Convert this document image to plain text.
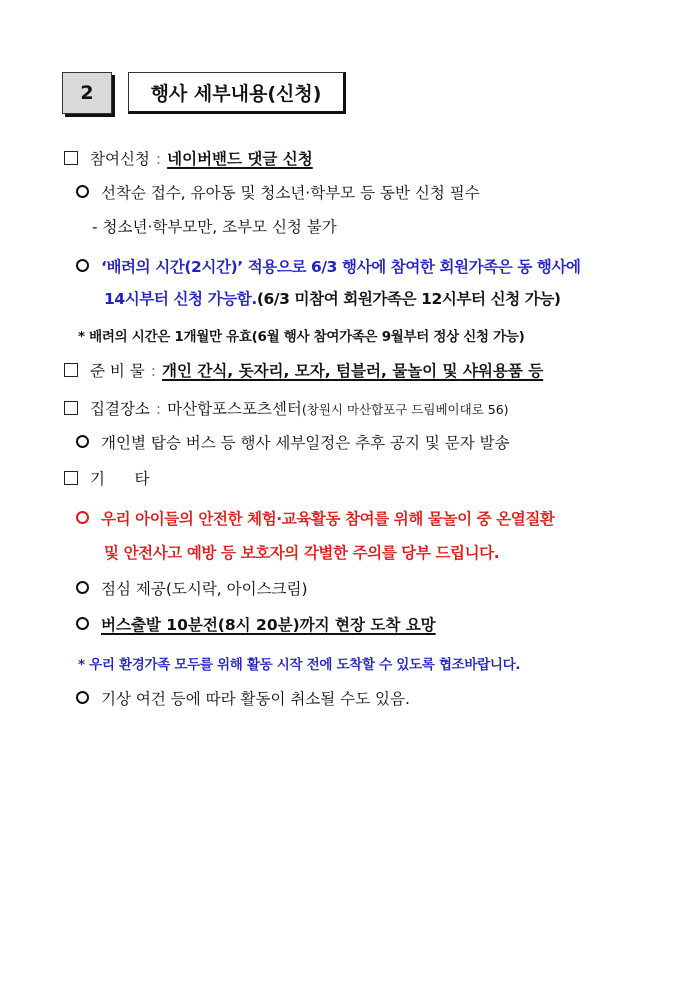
2	행사 세부내용(신청)
참여신청 : 네이버밴드 댓글 신청
선착순 접수, 유아동 및 청소년·학부모 등 동반 신청 필수
- 청소년·학부모만, 조부모 신청 불가
‘배려의 시간(2시간)’ 적용으로 6/3 행사에 참여한 회원가족은 동 행사에
14시부터 신청 가능함.(6/3 미참여 회원가족은 12시부터 신청 가능)
* 배려의 시간은 1개월만 유효(6월 행사 참여가족은 9월부터 정상 신청 가능)
준 비 물 : 개인 간식, 돗자리, 모자, 텀블러, 물놀이 및 샤워용품 등
집결장소 : 마산합포스포츠센터(창원시 마산합포구 드림베이대로 56)
개인별 탑승 버스 등 행사 세부일정은 추후 공지 및 문자 발송
기      타
우리 아이들의 안전한 체험·교육활동 참여를 위해 물놀이 중 온열질환
및 안전사고 예방 등 보호자의 각별한 주의를 당부 드립니다.
점심 제공(도시락, 아이스크림)
버스출발 10분전(8시 20분)까지 현장 도착 요망
* 우리 환경가족 모두를 위해 활동 시작 전에 도착할 수 있도록 협조바랍니다.
기상 여건 등에 따라 활동이 취소될 수도 있음.
